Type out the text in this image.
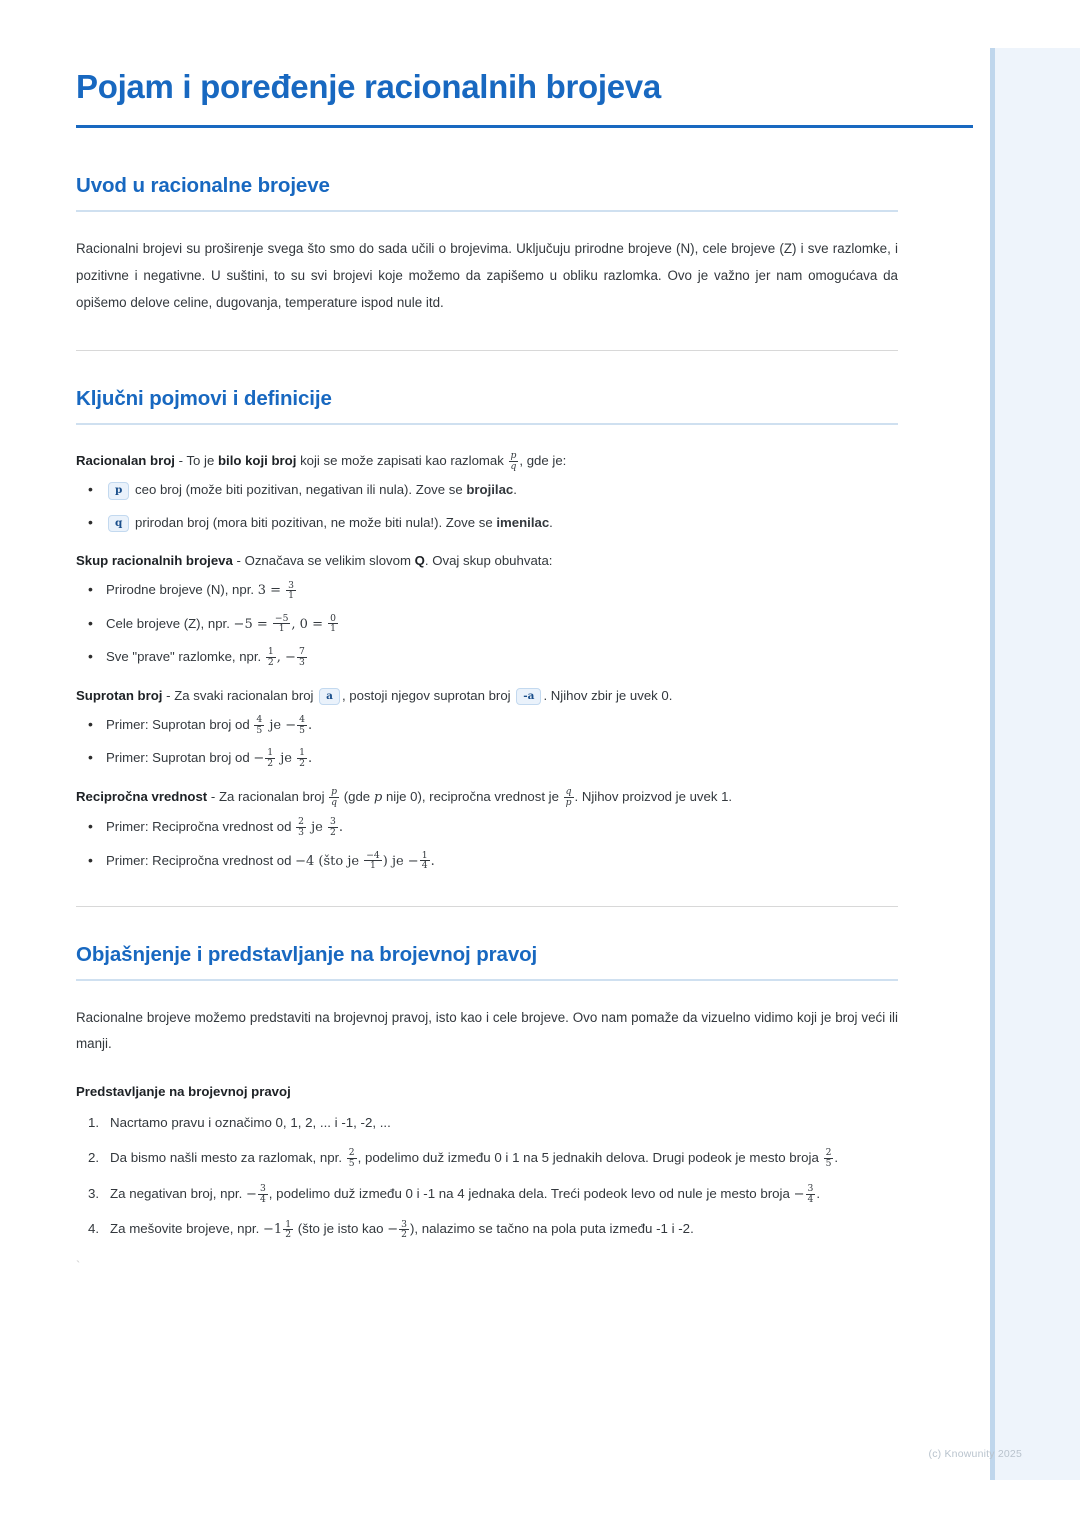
(c) Knowunity 2025
Pojam i poređenje racionalnih brojeva
Uvod u racionalne brojeve

Racionalni brojevi su proširenje svega što smo do sada učili o brojevima. Uključuju prirodne brojeve (N), cele brojeve (Z) i sve razlomke, i pozitivne i negativne. U suštini, to su svi brojevi koje možemo da zapišemo u obliku razlomka. Ovo je važno jer nam omogućava da opišemo delove celine, dugovanja, temperature ispod nule itd.

Ključni pojmovi i definicije

Racionalan broj - To je bilo koji broj koji se može zapisati kao razlomak $\frac{p}{q}$ , gde je:

• p ceo broj (može biti pozitivan, negativan ili nula). Zove se brojilac.
• q prirodan broj (mora biti pozitivan, ne može biti nula!). Zove se imenilac.

Skup racionalnih brojeva - Označava se velikim slovom Q. Ovaj skup obuhvata:

• Prirodne brojeve (N), npr. $3 = \frac{3}{1}$
• Cele brojeve (Z), npr. $-5 = \frac{-5}{1}$ , $0 = \frac{0}{1}$
• Sve "prave" razlomke, npr. $\frac{1}{2}$ , − $\frac{7}{3}$

Suprotan broj - Za svaki racionalan broj a , postoji njegov suprotan broj -a . Njihov zbir je uvek 0.

• Primer: Suprotan broj od $\frac{4}{5}$ je − $\frac{4}{5}$ .
• Primer: Suprotan broj od − $\frac{1}{2}$ je $\frac{1}{2}$ .

Recipročna vrednost - Za racionalan broj $\frac{p}{q} (gde$ p nije 0), recipročna vrednost je $\frac{q}{p}$ . Njihov proizvod je uvek 1.

• Primer: Recipročna vrednost od $\frac{2}{3}$ je $\frac{3}{2}$ .
• Primer: Recipročna vrednost od −4 (što je $\frac{-4}{1}$ ) je − $\frac{1}{4}$ .
Objašnjenje i predstavljanje na brojevnoj pravoj

Racionalne brojeve možemo predstaviti na brojevnoj pravoj, isto kao i cele brojeve. Ovo nam pomaže da vizuelno vidimo koji je broj veći ili manji.

Predstavljanje na brojevnoj pravoj

Nacrtamo pravu i označimo 0, 1, 2, ... i -1, -2, ...
Da bismo našli mesto za razlomak, npr. $\frac{2}{5}$ , podelimo duž između 0 i 1 na 5 jednakih delova. Drugi podeok je mesto broja $\frac{2}{5}$ .
Za negativan broj, npr. − $\frac{3}{4}$ , podelimo duž između 0 i -1 na 4 jednaka dela. Treći podeok levo od nule je mesto broja − $\frac{3}{4}$ .
Za mešovite brojeve, npr. $-1 \frac{1}{2}$ (što je isto kao − $\frac{3}{2}$ ), nalazimo se tačno na pola puta između -1 i -2.

`
